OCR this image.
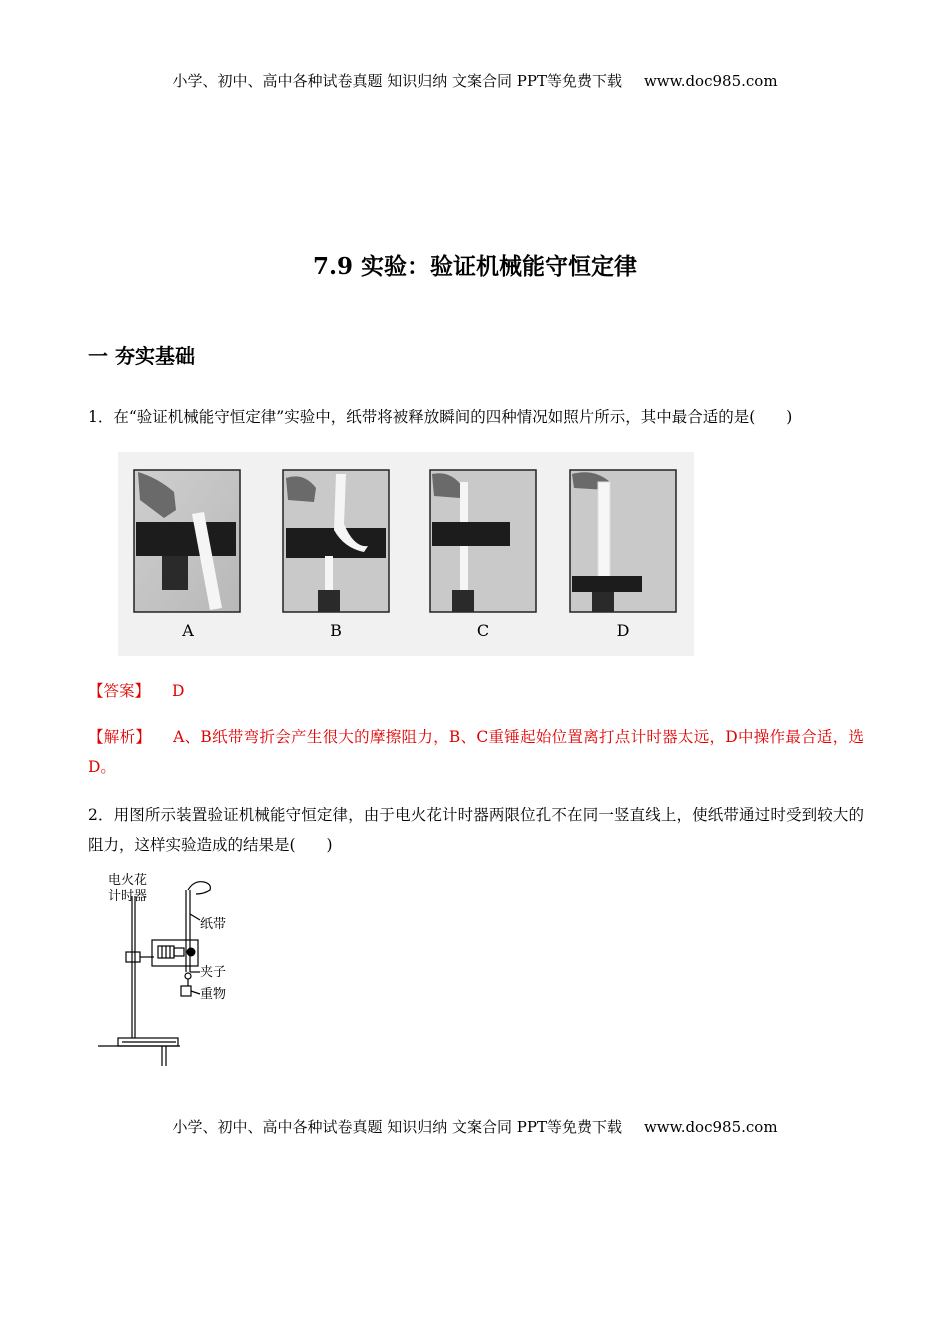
小学、初中、高中各种试卷真题 知识归纳 文案合同 PPT等免费下载 www.doc985.com
7.9 实验：验证机械能守恒定律
一 夯实基础
1．在“验证机械能守恒定律”实验中，纸带将被释放瞬间的四种情况如照片所示，其中最合适的是(　　)
A	B	C	D
【答案】 D
【解析】 A、B纸带弯折会产生很大的摩擦阻力，B、C重锤起始位置离打点计时器太远，D中操作最合适，选D。
2．用图所示装置验证机械能守恒定律，由于电火花计时器两限位孔不在同一竖直线上，使纸带通过时受到较大的阻力，这样实验造成的结果是(　　)
电火花
计时器
纸带
夹子
重物
小学、初中、高中各种试卷真题 知识归纳 文案合同 PPT等免费下载 www.doc985.com
